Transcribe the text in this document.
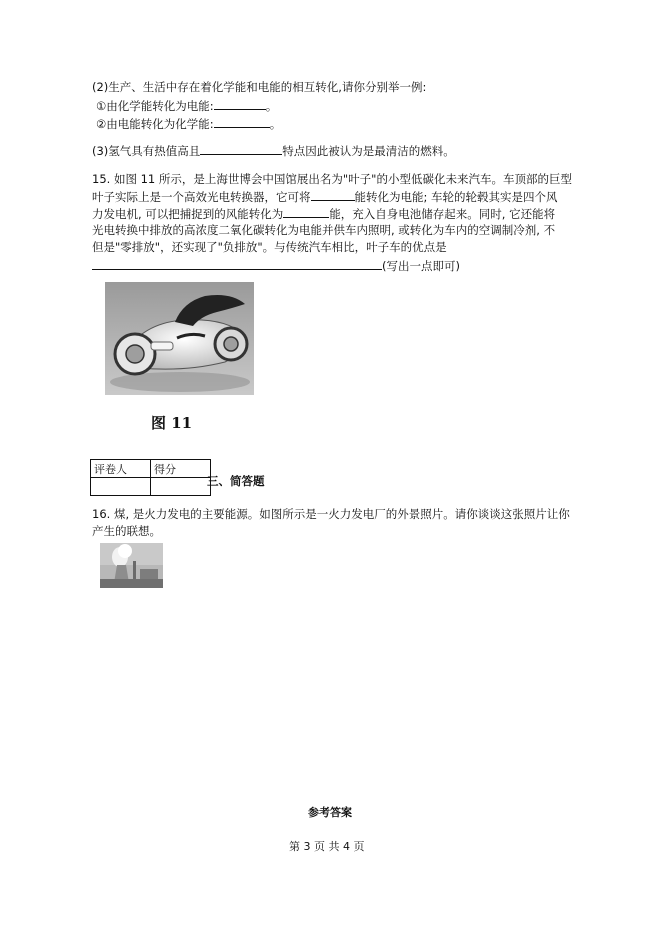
(2)生产、生活中存在着化学能和电能的相互转化,请你分别举一例:
①由化学能转化为电能:	。
②由电能转化为化学能:	。
(3)氢气具有热值高且	特点因此被认为是最清洁的燃料。
15. 如图 11 所示，是上海世博会中国馆展出名为"叶子"的小型低碳化未来汽车。车顶部的巨型
叶子实际上是一个高效光电转换器，它可将	能转化为电能; 车轮的轮毂其实是四个风
力发电机, 可以把捕捉到的风能转化为	能，充入自身电池储存起来。同时, 它还能将
光电转换中排放的高浓度二氧化碳转化为电能并供车内照明, 或转化为车内的空调制冷剂, 不
但是"零排放"，还实现了"负排放"。与传统汽车相比，叶子车的优点是
(写出一点即可)
图 11
评卷人	得分

三、简答题
16. 煤, 是火力发电的主要能源。如图所示是一火力发电厂的外景照片。请你谈谈这张照片让你
产生的联想。
参考答案
第 3 页 共 4 页
